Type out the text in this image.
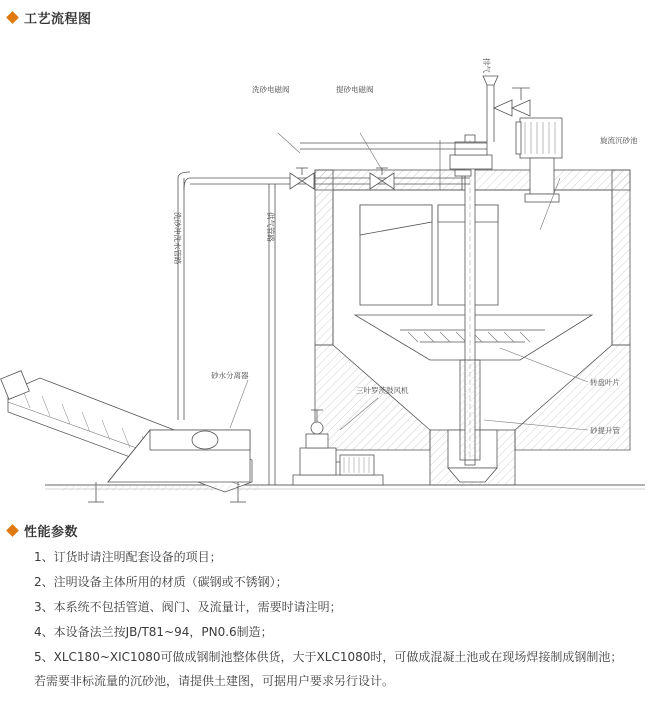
工艺流程图
洗砂电磁阀	提砂电磁阀
排气
旋流沉砂池
供气管路
洗砂冲洗水管路
砂水分离器
三叶罗茨鼓风机
转盘叶片
砂提升管
性能参数
1、订货时请注明配套设备的项目；
2、注明设备主体所用的材质（碳钢或不锈钢）；
3、本系统不包括管道、阀门、及流量计，需要时请注明；
4、本设备法兰按JB/T81~94，PN0.6制造；
5、XLC180~XIC1080可做成钢制池整体供货，大于XLC1080时，可做成混凝土池或在现场焊接制成钢制池；
若需要非标流量的沉砂池，请提供土建图，可据用户要求另行设计。
